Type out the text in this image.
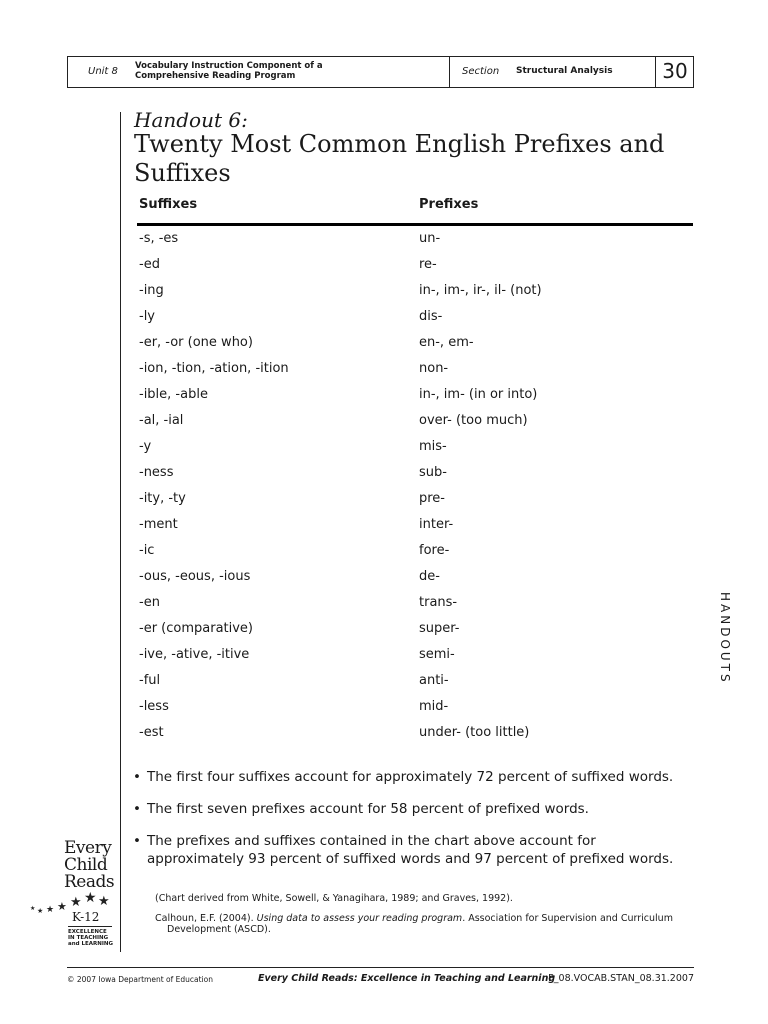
Unit 8 Vocabulary Instruction Component of a Comprehensive Reading Program	Section Structural Analysis	30
Handout 6:
Twenty Most Common English Prefixes and Suffixes
Suffixes	Prefixes
-s, -es	un-
-ed	re-
-ing	in-, im-, ir-, il- (not)
-ly	dis-
-er, -or (one who)	en-, em-
-ion, -tion, -ation, -ition	non-
-ible, -able	in-, im- (in or into)
-al, -ial	over- (too much)
-y	mis-
-ness	sub-
-ity, -ty	pre-
-ment	inter-
-ic	fore-
-ous, -eous, -ious	de-
-en	trans-
-er (comparative)	super-
-ive, -ative, -itive	semi-
-ful	anti-
-less	mid-
-est	under- (too little)
• The first four suffixes account for approximately 72 percent of suffixed words.
• The first seven prefixes account for 58 percent of prefixed words.
• The prefixes and suffixes contained in the chart above account for approximately 93 percent of suffixed words and 97 percent of prefixed words.
(Chart derived from White, Sowell, & Yanagihara, 1989; and Graves, 1992).
Calhoun, E.F. (2004). Using data to assess your reading program. Association for Supervision and Curriculum Development (ASCD).
HANDOUTS
Every
Child
Reads
★ ★ ★ ★ ★ ★ ★
K-12
EXCELLENCE
IN TEACHING
and LEARNING
© 2007 Iowa Department of Education	Every Child Reads: Excellence in Teaching and Learning
P_08.VOCAB.STAN_08.31.2007
